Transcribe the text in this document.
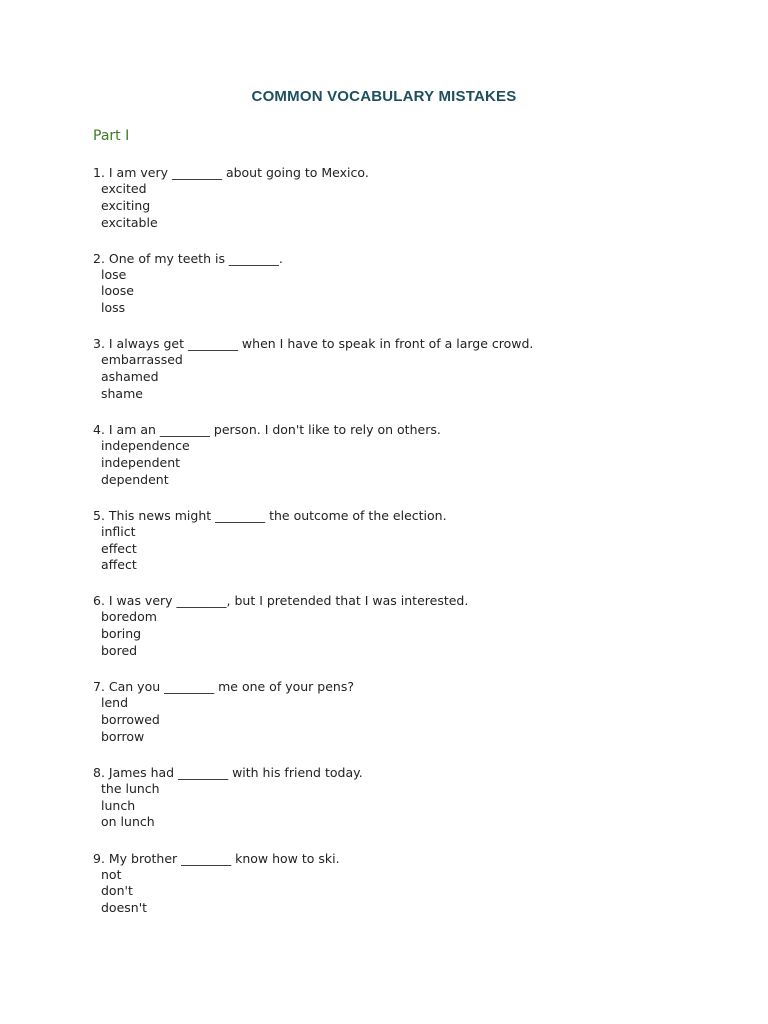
COMMON VOCABULARY MISTAKES
Part I

1. I am very ________ about going to Mexico.

excited
exciting
excitable

2. One of my teeth is ________.

lose
loose
loss

3. I always get ________ when I have to speak in front of a large crowd.

embarrassed
ashamed
shame

4. I am an ________ person. I don't like to rely on others.

independence
independent
dependent

5. This news might ________ the outcome of the election.

inflict
effect
affect

6. I was very ________, but I pretended that I was interested.

boredom
boring
bored

7. Can you ________ me one of your pens?

lend
borrowed
borrow

8. James had ________ with his friend today.

the lunch
lunch
on lunch

9. My brother ________ know how to ski.

not
don't
doesn't
